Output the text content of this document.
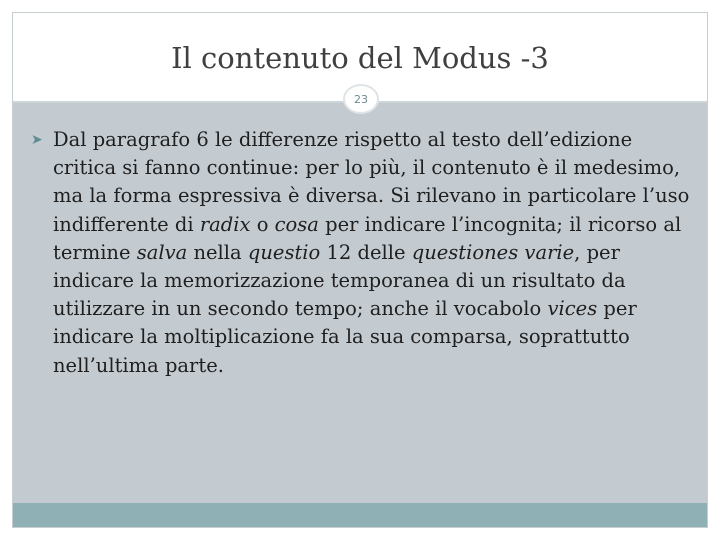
Il contenuto del Modus -3
23
➤ Dal paragrafo 6 le differenze rispetto al testo dell’edizione critica si fanno continue: per lo più, il contenuto è il medesimo, ma la forma espressiva è diversa. Si rilevano in particolare l’uso indifferente di radix o cosa per indicare l’incognita; il ricorso al termine salva nella questio 12 delle questiones varie, per indicare la memorizzazione temporanea di un risultato da utilizzare in un secondo tempo; anche il vocabolo vices per indicare la moltiplicazione fa la sua comparsa, soprattutto nell’ultima parte.
